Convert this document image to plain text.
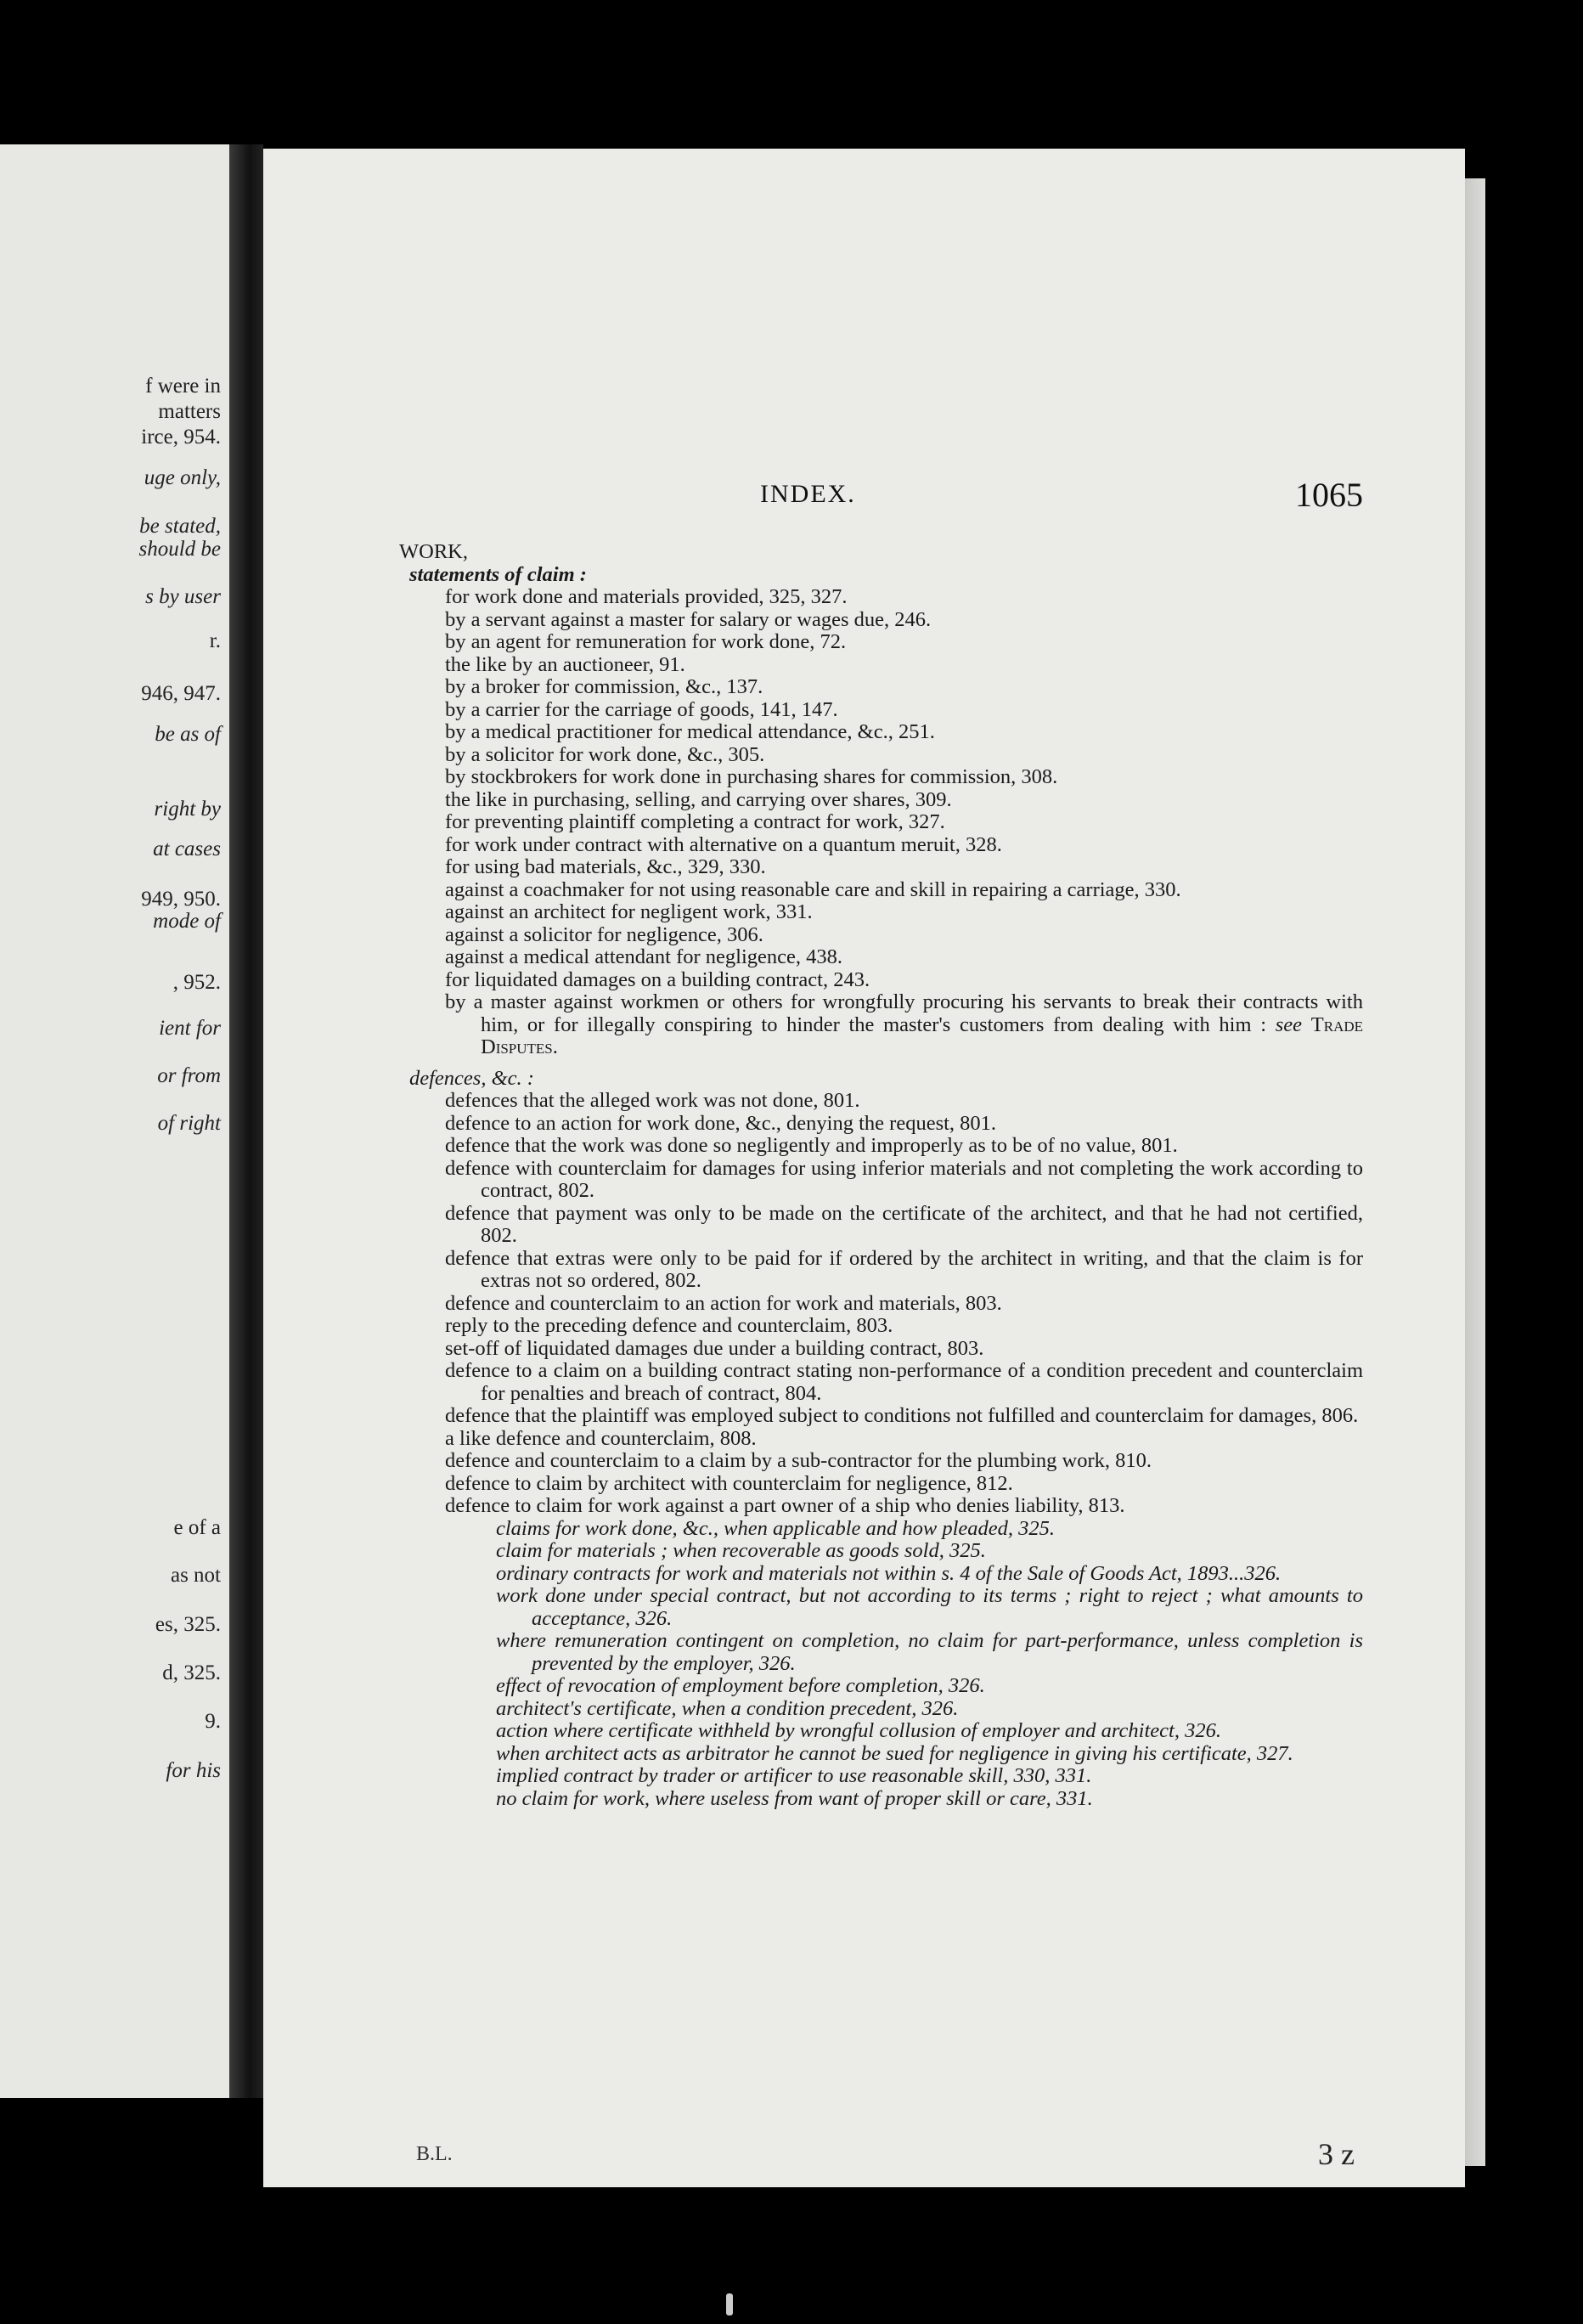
f were in
matters
irce, 954.
uge only,
be stated,
should be
s by user
r.
946, 947.
be as of
right by
at cases
949, 950.
mode of
, 952.
ient for
or from
of right
e of a
as not
es, 325.
d, 325.
9.
for his
INDEX.	1065
WORK,
statements of claim :
for work done and materials provided, 325, 327.
by a servant against a master for salary or wages due, 246.
by an agent for remuneration for work done, 72.
the like by an auctioneer, 91.
by a broker for commission, &c., 137.
by a carrier for the carriage of goods, 141, 147.
by a medical practitioner for medical attendance, &c., 251.
by a solicitor for work done, &c., 305.
by stockbrokers for work done in purchasing shares for commission, 308.
the like in purchasing, selling, and carrying over shares, 309.
for preventing plaintiff completing a contract for work, 327.
for work under contract with alternative on a quantum meruit, 328.
for using bad materials, &c., 329, 330.
against a coachmaker for not using reasonable care and skill in repairing a carriage, 330.
against an architect for negligent work, 331.
against a solicitor for negligence, 306.
against a medical attendant for negligence, 438.
for liquidated damages on a building contract, 243.
by a master against workmen or others for wrongfully procuring his servants to break their contracts with him, or for illegally conspiring to hinder the master's customers from dealing with him : see Trade Disputes.
defences, &c. :
defences that the alleged work was not done, 801.
defence to an action for work done, &c., denying the request, 801.
defence that the work was done so negligently and improperly as to be of no value, 801.
defence with counterclaim for damages for using inferior materials and not completing the work according to contract, 802.
defence that payment was only to be made on the certificate of the architect, and that he had not certified, 802.
defence that extras were only to be paid for if ordered by the architect in writing, and that the claim is for extras not so ordered, 802.
defence and counterclaim to an action for work and materials, 803.
reply to the preceding defence and counterclaim, 803.
set-off of liquidated damages due under a building contract, 803.
defence to a claim on a building contract stating non-performance of a condition precedent and counterclaim for penalties and breach of contract, 804.
defence that the plaintiff was employed subject to conditions not fulfilled and counterclaim for damages, 806.
a like defence and counterclaim, 808.
defence and counterclaim to a claim by a sub-contractor for the plumbing work, 810.
defence to claim by architect with counterclaim for negligence, 812.
defence to claim for work against a part owner of a ship who denies liability, 813.
claims for work done, &c., when applicable and how pleaded, 325.
claim for materials ; when recoverable as goods sold, 325.
ordinary contracts for work and materials not within s. 4 of the Sale of Goods Act, 1893...326.
work done under special contract, but not according to its terms ; right to reject ; what amounts to acceptance, 326.
where remuneration contingent on completion, no claim for part-performance, unless completion is prevented by the employer, 326.
effect of revocation of employment before completion, 326.
architect's certificate, when a condition precedent, 326.
action where certificate withheld by wrongful collusion of employer and architect, 326.
when architect acts as arbitrator he cannot be sued for negligence in giving his certificate, 327.
implied contract by trader or artificer to use reasonable skill, 330, 331.
no claim for work, where useless from want of proper skill or care, 331.
B.L.	3 z
